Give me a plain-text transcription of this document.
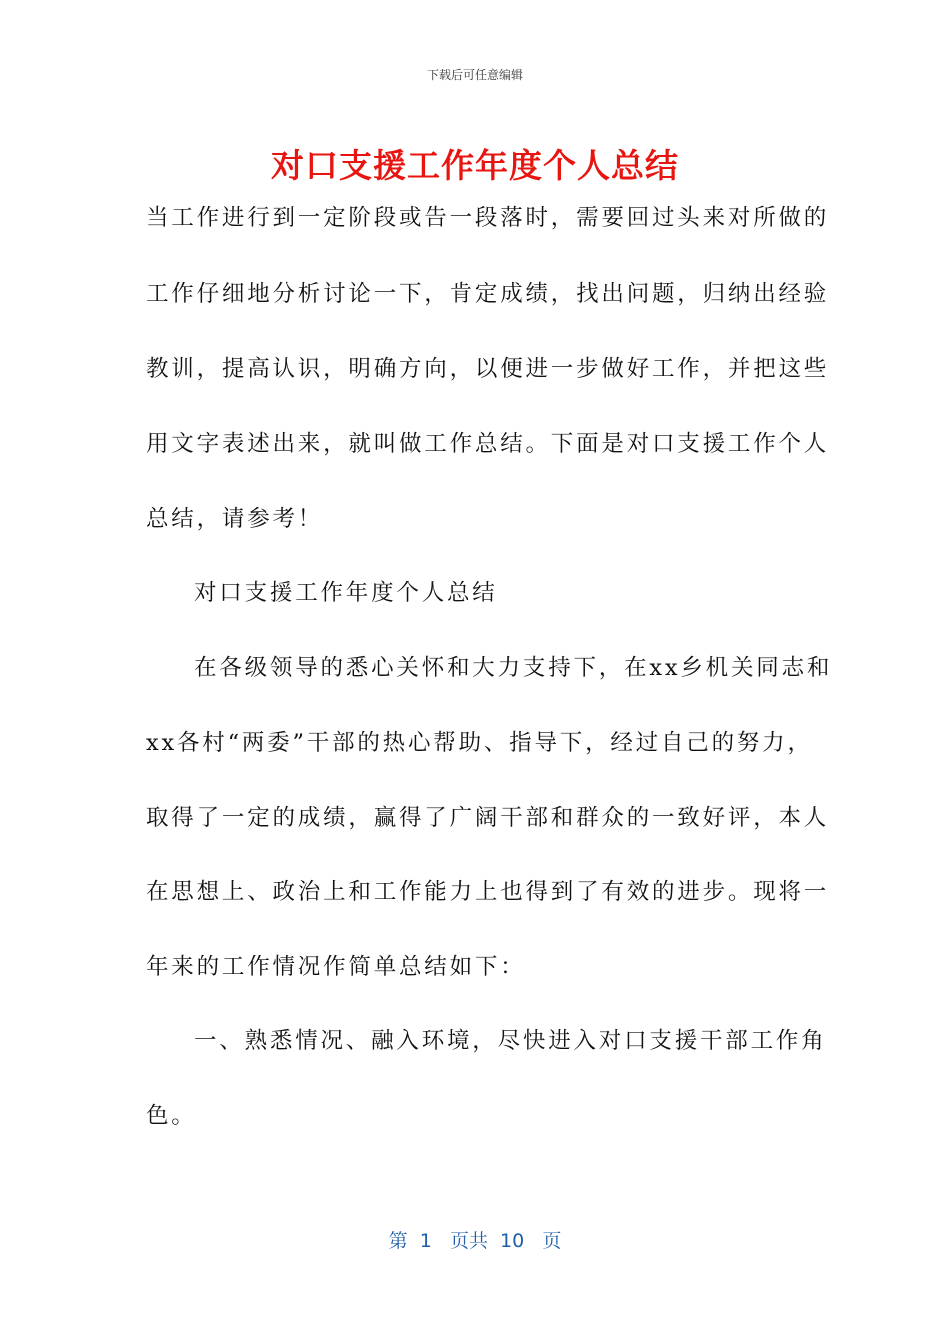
下载后可任意编辑
对口支援工作年度个人总结
当工作进行到一定阶段或告一段落时，需要回过头来对所做的
工作仔细地分析讨论一下，肯定成绩，找出问题，归纳出经验
教训，提高认识，明确方向，以便进一步做好工作，并把这些
用文字表述出来，就叫做工作总结。下面是对口支援工作个人
总结，请参考！
对口支援工作年度个人总结
在各级领导的悉心关怀和大力支持下，在xx乡机关同志和
xx各村“两委”干部的热心帮助、指导下，经过自己的努力，
取得了一定的成绩，赢得了广阔干部和群众的一致好评，本人
在思想上、政治上和工作能力上也得到了有效的进步。现将一
年来的工作情况作简单总结如下：
一、熟悉情况、融入环境，尽快进入对口支援干部工作角
色。
第  1   页共  10   页
